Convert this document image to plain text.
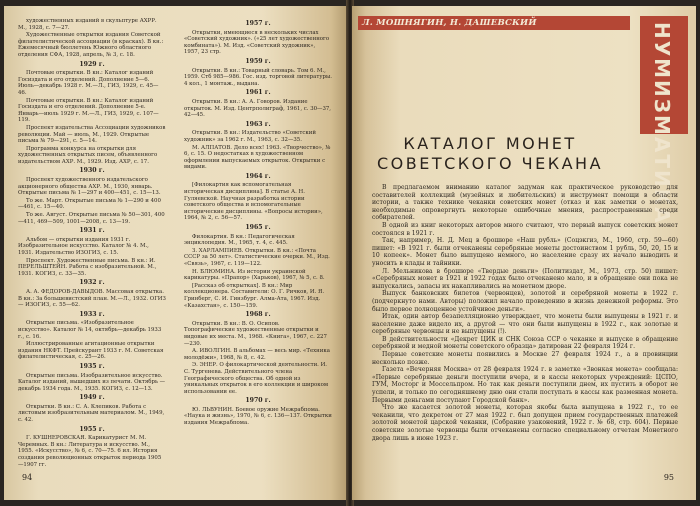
художественных изданий в скульптуре АХРР. М., 1928, с. 7—27.

Художественные открытки издания Советской филателистической ассоциации (в красках). В кн.: Ежемесячный бюллетень Южного областного отделения СФА, 1928, апрель, № 3, с. 18.

1929 г.

Почтовые открытки. В кн.: Каталог изданий Госиздата и его отделений. Дополнение 5—6. Июль—декабрь 1928 г. М.—Л., ГИЗ, 1929, с. 45—46.

Почтовые открытки. В кн.: Каталог изданий Госиздата и его отделений. Дополнение 5-е. Январь—июль 1929 г. М.—Л., ГИЗ, 1929, с. 107—119.

Проспект издательства Ассоциации художников революции. Май — июль, М., 1929. Открытые письма № 79—291, с. 5—14.

Программа конкурса на открытки для художественных открытых писем, объявленного издательством АХР. М., 1929. Изд. АХР, с. 17.

1930 г.

Проспект художественного издательского акционерного общества АХР. М., 1930, январь. Открытые письма № 1—297 и 400—451, с. 15—13.

То же. Март. Открытые письма № 1—290 и 400—461, с. 15—40.

То же. Август. Открытые письма № 50—301, 400—411, 469—509, 1001—2008, с. 13—19.

1931 г.

Альбом — открытки издания 1931 г. Изобразительное искусство. Каталог № 4. М., 1931. Издательство ИЗОГИЗ, с. 15.

Проспект. Художественные письма. В кн.: И. ПЕРЕЛЬШТЕЙН. Работа с изобразительной. М., 1931. КОГИЗ, с. 33—35.

1932 г.

А. А. ФЕДОРОВ-ДАВЫДОВ. Массовая открытка. В кн.: За большевистский план. М.—Л., 1932. ОГИЗ — ИЗОГИЗ, с. 55—62.

1933 г.

Открытые письма. «Изобразительное искусство». Каталог № 14, октябрь—декабрь 1933 г., с. 16.

Иллюстрированные агитационные открытки издания НКФТ. Прейскурант 1933 г. М. Советская филателистическая, с. 25—26.

1935 г.

Открытые письма. Изобразительное искусство. Каталог изданий, вышедших из печати. Октябрь — декабрь 1934 года. М., 1935. КОГИЗ, с. 12—13.

1949 г.

Открытки. В кн.: С. А. Клепиков. Работа с листовым изобразительным материалом. М., 1949, с. 42.

1955 г.

Г. КУШНЕРОВСКАЯ. Карикатурист М. М. Черемных. В кн.: Литература и искусство. М., 1955. «Искусство», № 6, с. 70—75. 6 ил. История создания революционных открыток периода 1905—1907 гг.

1957 г.

Открытки, имеющиеся в нескольких числах «Советский художник». («25 лет художественного комбината»). М. Изд. «Советский художник», 1957, 23 стр.

1959 г.

Открытки. В кн.: Товарный словарь. Том 6. М., 1959. Стб 985—986. Гос. изд. торговой литературы. 4 кол., 1 монтаж., выдана.

1961 г.

Открытки. В кн.: А. А. Говоров. Издание открыток. М. Изд. Центрполиграф, 1961, с. 30—37, 42—45.

1963 г.

Открытки. В кн.: Издательство «Советский художник» за 1962 г. М., 1963, с. 32—35.

М. АЛПАТОВ. Дело всех! 1963. «Творчество», № 6, с. 15. О недостатках в художественном оформлении выпускаемых открыток. Открытки с видами.

1964 г.

[Филокартия как вспомогательная историческая дисциплина]. В статье А. Н. Гуляевской. Научная разработка истории советского общества и вспомогательные исторические дисциплины. «Вопросы истории», 1964, № 2, с. 56—57.

1965 г.

Филокартия. В кн.: Педагогическая энциклопедия. М., 1965, т. 4, с. 445.

З. ХАРЛАМПИЕВ. Открытки. В кн.: «Почта СССР за 50 лет». Статистические очерки. М., Изд. «Связь», 1967, с. 119—122.

Н. БЛЮМИНА. Из истории украинской карикатуры. «Прапор» (Харьков), 1967, № 5, с. 8.

[Рассказ об открытках]. В кн.: Мир коллекционера. Составители: О. Г. Ричков, И. Я. Гринберг, С. И. Гинзбург. Алма-Ата, 1967. Изд. «Казахстан», с. 150—159.

1968 г.

Открытки. В кн.: В. О. Осипов. Топографические художественные открытки и видовые их места. М., 1968. «Книга», 1967, с. 227—230.

А. ИВОЛГИН. В альбомах — весь мир. «Техника молодёжи», 1968, № 8, с. 42.

Э. ЭНЕР. О филокартической деятельности. И. С. Тургенева. Действительного члена Географического общества. Об одной из уникальных открыток в его коллекции и широком использовании ее.

1970 г.

Ю. ЛЬВУНИН. Боевое оружие Межрабпома. «Наука и жизнь», 1970, № 6, с. 136—137. Открытки издания Межрабпома.

94
Л. МОШНЯГИН, Н. ДАШЕВСКИЙ	НУМИЗМАТИКА
КАТАЛОГ МОНЕТ
СОВЕТСКОГО ЧЕКАНА

В предлагаемом вниманию каталог задуман как практическое руководство для составителей коллекций (музейных и любительских) и инструмент помощи в области истории, а также технике чеканки советских монет (отказ и как заметки о монетах, необходимые опровергнуть некоторые ошибочные мнения, распространенные среди собирателей.

В одной из книг некоторых авторов много считают, что первый выпуск советских монет состоялся в 1921 г.

Так, например, Н. Д. Мец в брошюре «Наш рубль» (Соцэкгиз, М., 1960, стр. 59—60) пишет: «В 1921 г. были отчеканены серебряные монеты достоинством 1 рубль, 50, 20, 15 и 10 копеек». Монет было выпущено немного, но население сразу их начало выводить и уносить в клады и тайники.

Л. Мельникова в брошюре «Твердые деньги» (Политиздат, М., 1973, стр. 50) пишет: «Серебряных монет в 1921 и 1922 годах было отчеканено мало, и в обращение они пока не выпускались, запасы их накапливались на монетном дворе.

Выпуск банковских билетов (червонцев), золотой и серебряной монеты в 1922 г. (подчеркнуто нами. Авторы) положил начало проведению в жизнь денежной реформы. Это было первое полноценное устойчивое деньги».

Итак, один автор безапелляционно утверждает, что монеты были выпущены в 1921 г. и население даже видело их, а другой — что они были выпущены в 1922 г., как золотые и серебряные червонцы и не выпущены (!).

В действительности «Декрет ЦИК и СНК Союза ССР о чеканке и выпуске в обращение серебряной и медной монеты советского образца» датирован 22 февраля 1924 г.

Первые советские монеты появились в Москве 27 февраля 1924 г., а в провинции несколько позже.

Газета «Вечерняя Москва» от 28 февраля 1924 г. в заметке «Звонкая монета» сообщала: «Первые серебряные деньги поступили вчера, и в кассы некоторых учреждений: ЦСПО, ГУМ, Мосторг и Моссельпром. Но так как деньги поступили днем, их пустить в оборот не успели, и только по сегодняшнему дню они стали поступать в кассы как разменная монета. Первыми деньгами поступают Городской банк».

Что же касается золотой монеты, которая якобы была выпущена в 1922 г., то ее чеканили, что декретом от 27 мая 1922 г. был допущен прием государственных платежей золотой монетой царской чеканки, (Собрание узаконений, 1922 г. № 68, стр. 604). Первые советские золотые червонцы были отчеканены согласно специальному отчетам Монетного двора лишь в июне 1923 г.

95
